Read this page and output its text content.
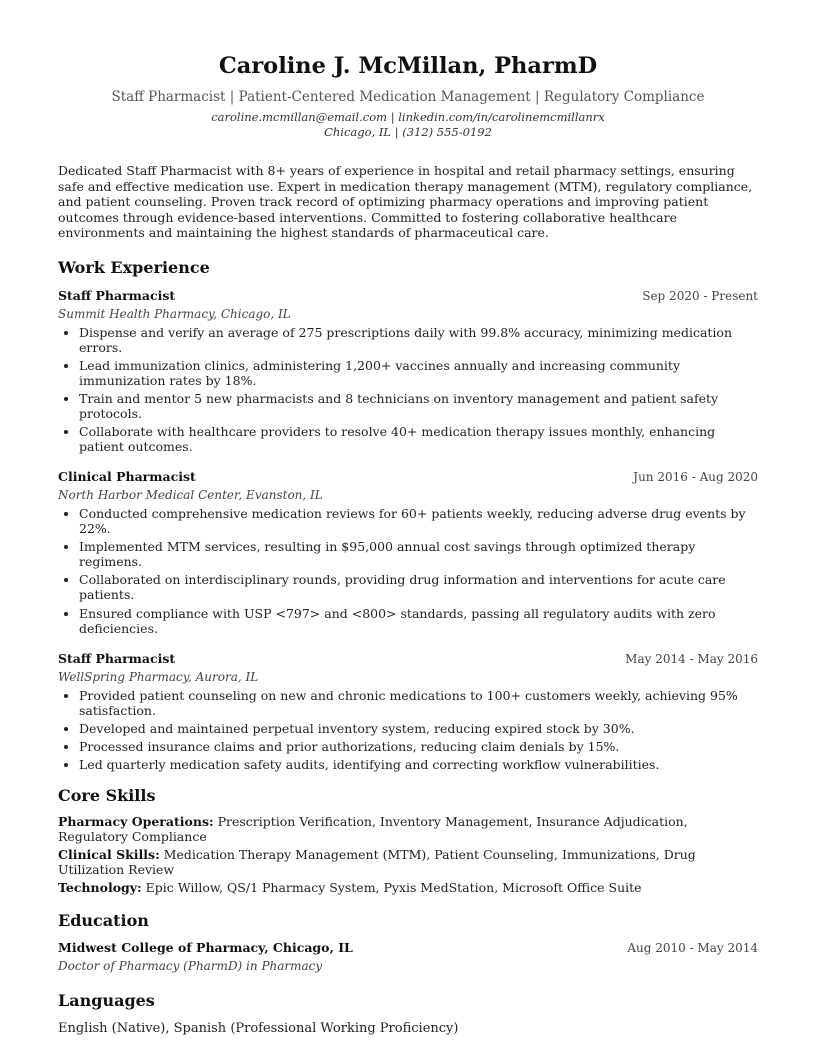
Caroline J. McMillan, PharmD
Staff Pharmacist | Patient-Centered Medication Management | Regulatory Compliance
caroline.mcmillan@email.com | linkedin.com/in/carolinemcmillanrx
Chicago, IL | (312) 555-0192
Dedicated Staff Pharmacist with 8+ years of experience in hospital and retail pharmacy settings, ensuring safe and effective medication use. Expert in medication therapy management (MTM), regulatory compliance, and patient counseling. Proven track record of optimizing pharmacy operations and improving patient outcomes through evidence-based interventions. Committed to fostering collaborative healthcare environments and maintaining the highest standards of pharmaceutical care.
Work Experience
Staff Pharmacist	Sep 2020 - Present
Summit Health Pharmacy, Chicago, IL
• Dispense and verify an average of 275 prescriptions daily with 99.8% accuracy, minimizing medication errors.
• Lead immunization clinics, administering 1,200+ vaccines annually and increasing community immunization rates by 18%.
• Train and mentor 5 new pharmacists and 8 technicians on inventory management and patient safety protocols.
• Collaborate with healthcare providers to resolve 40+ medication therapy issues monthly, enhancing patient outcomes.
Clinical Pharmacist	Jun 2016 - Aug 2020
North Harbor Medical Center, Evanston, IL
• Conducted comprehensive medication reviews for 60+ patients weekly, reducing adverse drug events by 22%.
• Implemented MTM services, resulting in $95,000 annual cost savings through optimized therapy regimens.
• Collaborated on interdisciplinary rounds, providing drug information and interventions for acute care patients.
• Ensured compliance with USP <797> and <800> standards, passing all regulatory audits with zero deficiencies.
Staff Pharmacist	May 2014 - May 2016
WellSpring Pharmacy, Aurora, IL
• Provided patient counseling on new and chronic medications to 100+ customers weekly, achieving 95% satisfaction.
• Developed and maintained perpetual inventory system, reducing expired stock by 30%.
• Processed insurance claims and prior authorizations, reducing claim denials by 15%.
• Led quarterly medication safety audits, identifying and correcting workflow vulnerabilities.
Core Skills
Pharmacy Operations: Prescription Verification, Inventory Management, Insurance Adjudication, Regulatory Compliance
Clinical Skills: Medication Therapy Management (MTM), Patient Counseling, Immunizations, Drug Utilization Review
Technology: Epic Willow, QS/1 Pharmacy System, Pyxis MedStation, Microsoft Office Suite
Education
Midwest College of Pharmacy, Chicago, IL	Aug 2010 - May 2014
Doctor of Pharmacy (PharmD) in Pharmacy
Languages
English (Native), Spanish (Professional Working Proficiency)
